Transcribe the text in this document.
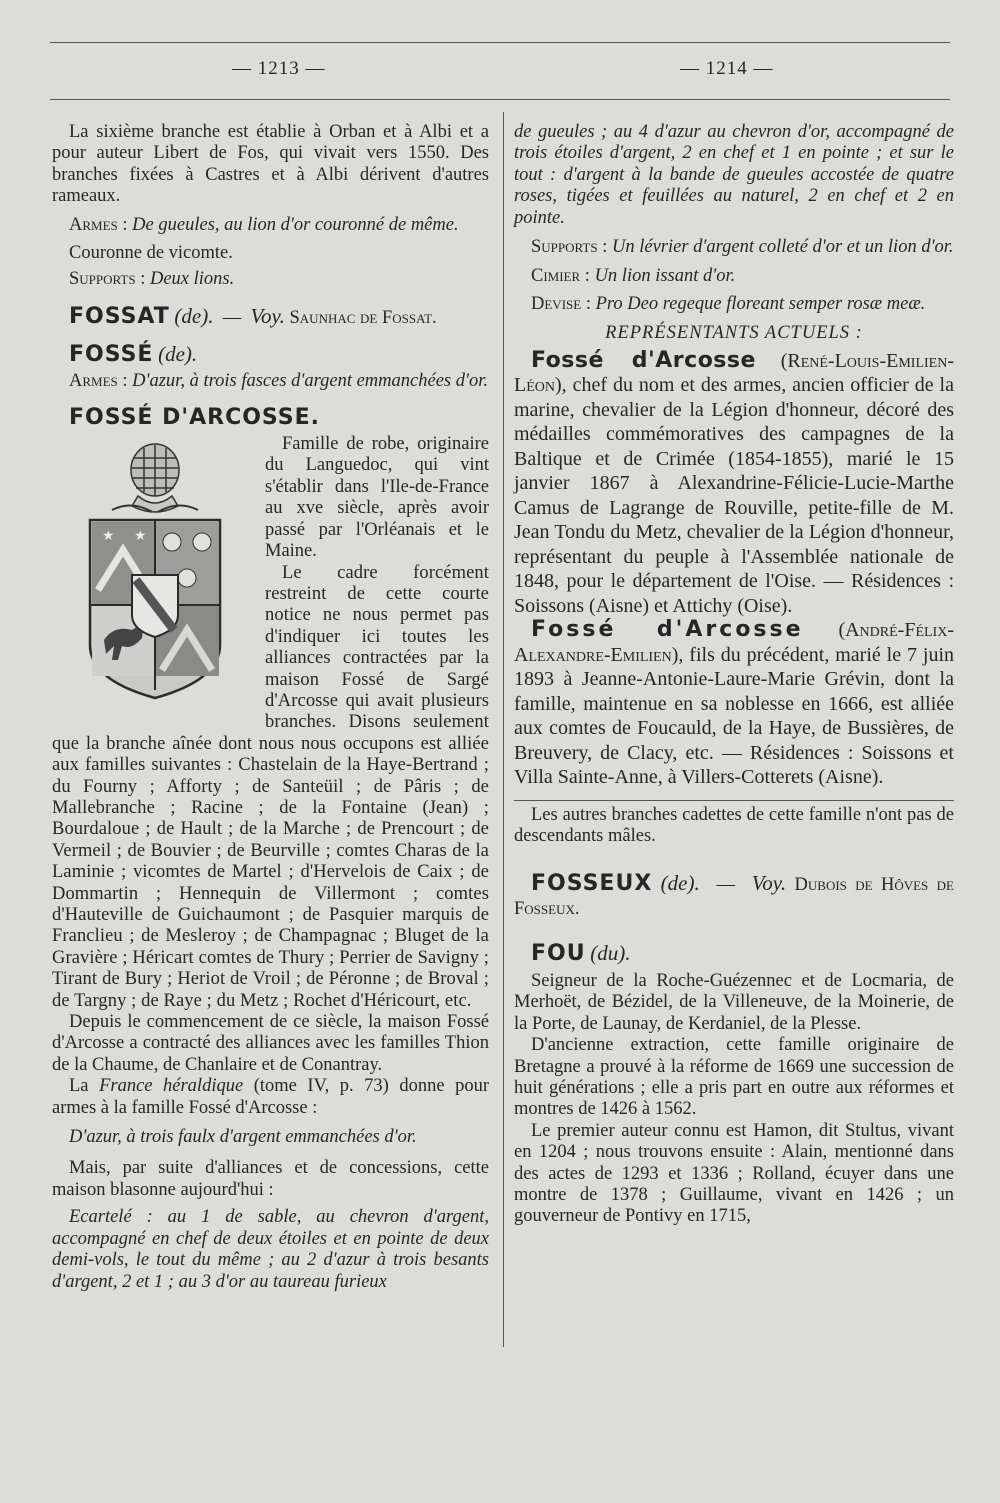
— 1213 —	— 1214 —

La sixième branche est établie à Orban et à Albi et a pour auteur Libert de Fos, qui vivait vers 1550. Des branches fixées à Castres et à Albi dérivent d'autres rameaux.

Armes : De gueules, au lion d'or couronné de même.

Couronne de vicomte.

Supports : Deux lions.

FOSSAT (de). — Voy. Saunhac de Fossat.

FOSSÉ (de).

Armes : D'azur, à trois fasces d'argent emmanchées d'or.

FOSSÉ D'ARCOSSE.

★ ★

Famille de robe, originaire du Languedoc, qui vint s'établir dans l'Ile-de-France au xve siècle, après avoir passé par l'Orléanais et le Maine.

Le cadre forcément restreint de cette courte notice ne nous permet pas d'indiquer ici toutes les alliances contractées par la maison Fossé de Sargé d'Arcosse qui avait plusieurs branches. Disons seulement que la branche aînée dont nous nous occupons est alliée aux familles suivantes : Chastelain de la Haye-Bertrand ; du Fourny ; Afforty ; de Santeüil ; de Pâris ; de Mallebranche ; Racine ; de la Fontaine (Jean) ; Bourdaloue ; de Hault ; de la Marche ; de Prencourt ; de Vermeil ; de Bouvier ; de Beurville ; comtes Charas de la Laminie ; vicomtes de Martel ; d'Hervelois de Caix ; de Dommartin ; Hennequin de Villermont ; comtes d'Hauteville de Guichaumont ; de Pasquier marquis de Franclieu ; de Mesleroy ; de Champagnac ; Bluget de la Gravière ; Héricart comtes de Thury ; Perrier de Savigny ; Tirant de Bury ; Heriot de Vroil ; de Péronne ; de Broval ; de Targny ; de Raye ; du Metz ; Rochet d'Héricourt, etc.

Depuis le commencement de ce siècle, la maison Fossé d'Arcosse a contracté des alliances avec les familles Thion de la Chaume, de Chanlaire et de Conantray.

La France héraldique (tome IV, p. 73) donne pour armes à la famille Fossé d'Arcosse :

D'azur, à trois faulx d'argent emmanchées d'or.

Mais, par suite d'alliances et de concessions, cette maison blasonne aujourd'hui :

Ecartelé : au 1 de sable, au chevron d'argent, accompagné en chef de deux étoiles et en pointe de deux demi-vols, le tout du même ; au 2 d'azur à trois besants d'argent, 2 et 1 ; au 3 d'or au taureau furieux

de gueules ; au 4 d'azur au chevron d'or, accompagné de trois étoiles d'argent, 2 en chef et 1 en pointe ; et sur le tout : d'argent à la bande de gueules accostée de quatre roses, tigées et feuillées au naturel, 2 en chef et 2 en pointe.

Supports : Un lévrier d'argent colleté d'or et un lion d'or.

Cimier : Un lion issant d'or.

Devise : Pro Deo regeque floreant semper rosæ meæ.

REPRÉSENTANTS ACTUELS :

Fossé d'Arcosse (René-Louis-Emilien-Léon), chef du nom et des armes, ancien officier de la marine, chevalier de la Légion d'honneur, décoré des médailles commémoratives des campagnes de la Baltique et de Crimée (1854-1855), marié le 15 janvier 1867 à Alexandrine-Félicie-Lucie-Marthe Camus de Lagrange de Rouville, petite-fille de M. Jean Tondu du Metz, chevalier de la Légion d'honneur, représentant du peuple à l'Assemblée nationale de 1848, pour le département de l'Oise. — Résidences : Soissons (Aisne) et Attichy (Oise).

Fossé d'Arcosse (André-Félix-Alexandre-Emilien), fils du précédent, marié le 7 juin 1893 à Jeanne-Antonie-Laure-Marie Grévin, dont la famille, maintenue en sa noblesse en 1666, est alliée aux comtes de Foucauld, de la Haye, de Bussières, de Breuvery, de Clacy, etc. — Résidences : Soissons et Villa Sainte-Anne, à Villers-Cotterets (Aisne).

Les autres branches cadettes de cette famille n'ont pas de descendants mâles.

FOSSEUX (de). — Voy. Dubois de Hôves de Fosseux.

FOU (du).

Seigneur de la Roche-Guézennec et de Locmaria, de Merhoët, de Bézidel, de la Villeneuve, de la Moinerie, de la Porte, de Launay, de Kerdaniel, de la Plesse.

D'ancienne extraction, cette famille originaire de Bretagne a prouvé à la réforme de 1669 une succession de huit générations ; elle a pris part en outre aux réformes et montres de 1426 à 1562.

Le premier auteur connu est Hamon, dit Stultus, vivant en 1204 ; nous trouvons ensuite : Alain, mentionné dans des actes de 1293 et 1336 ; Rolland, écuyer dans une montre de 1378 ; Guillaume, vivant en 1426 ; un gouverneur de Pontivy en 1715,
